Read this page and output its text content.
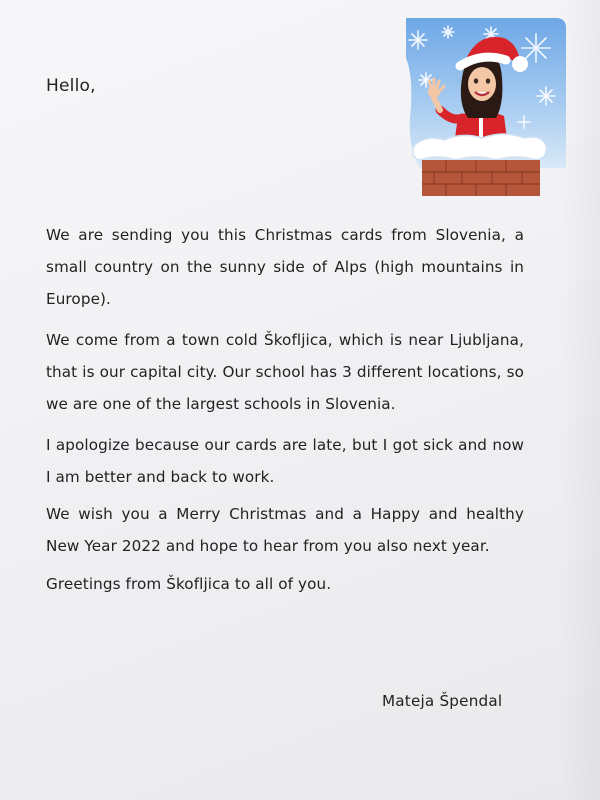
Hello,

We are sending you this Christmas cards from Slovenia, a small country on the sunny side of Alps (high mountains in Europe).

We come from a town cold Škofljica, which is near Ljubljana, that is our capital city. Our school has 3 different locations, so we are one of the largest schools in Slovenia.

I apologize because our cards are late, but I got sick and now I am better and back to work.

We wish you a Merry Christmas and a Happy and healthy New Year 2022 and hope to hear from you also next year.

Greetings from Škofljica to all of you.

Mateja Špendal
